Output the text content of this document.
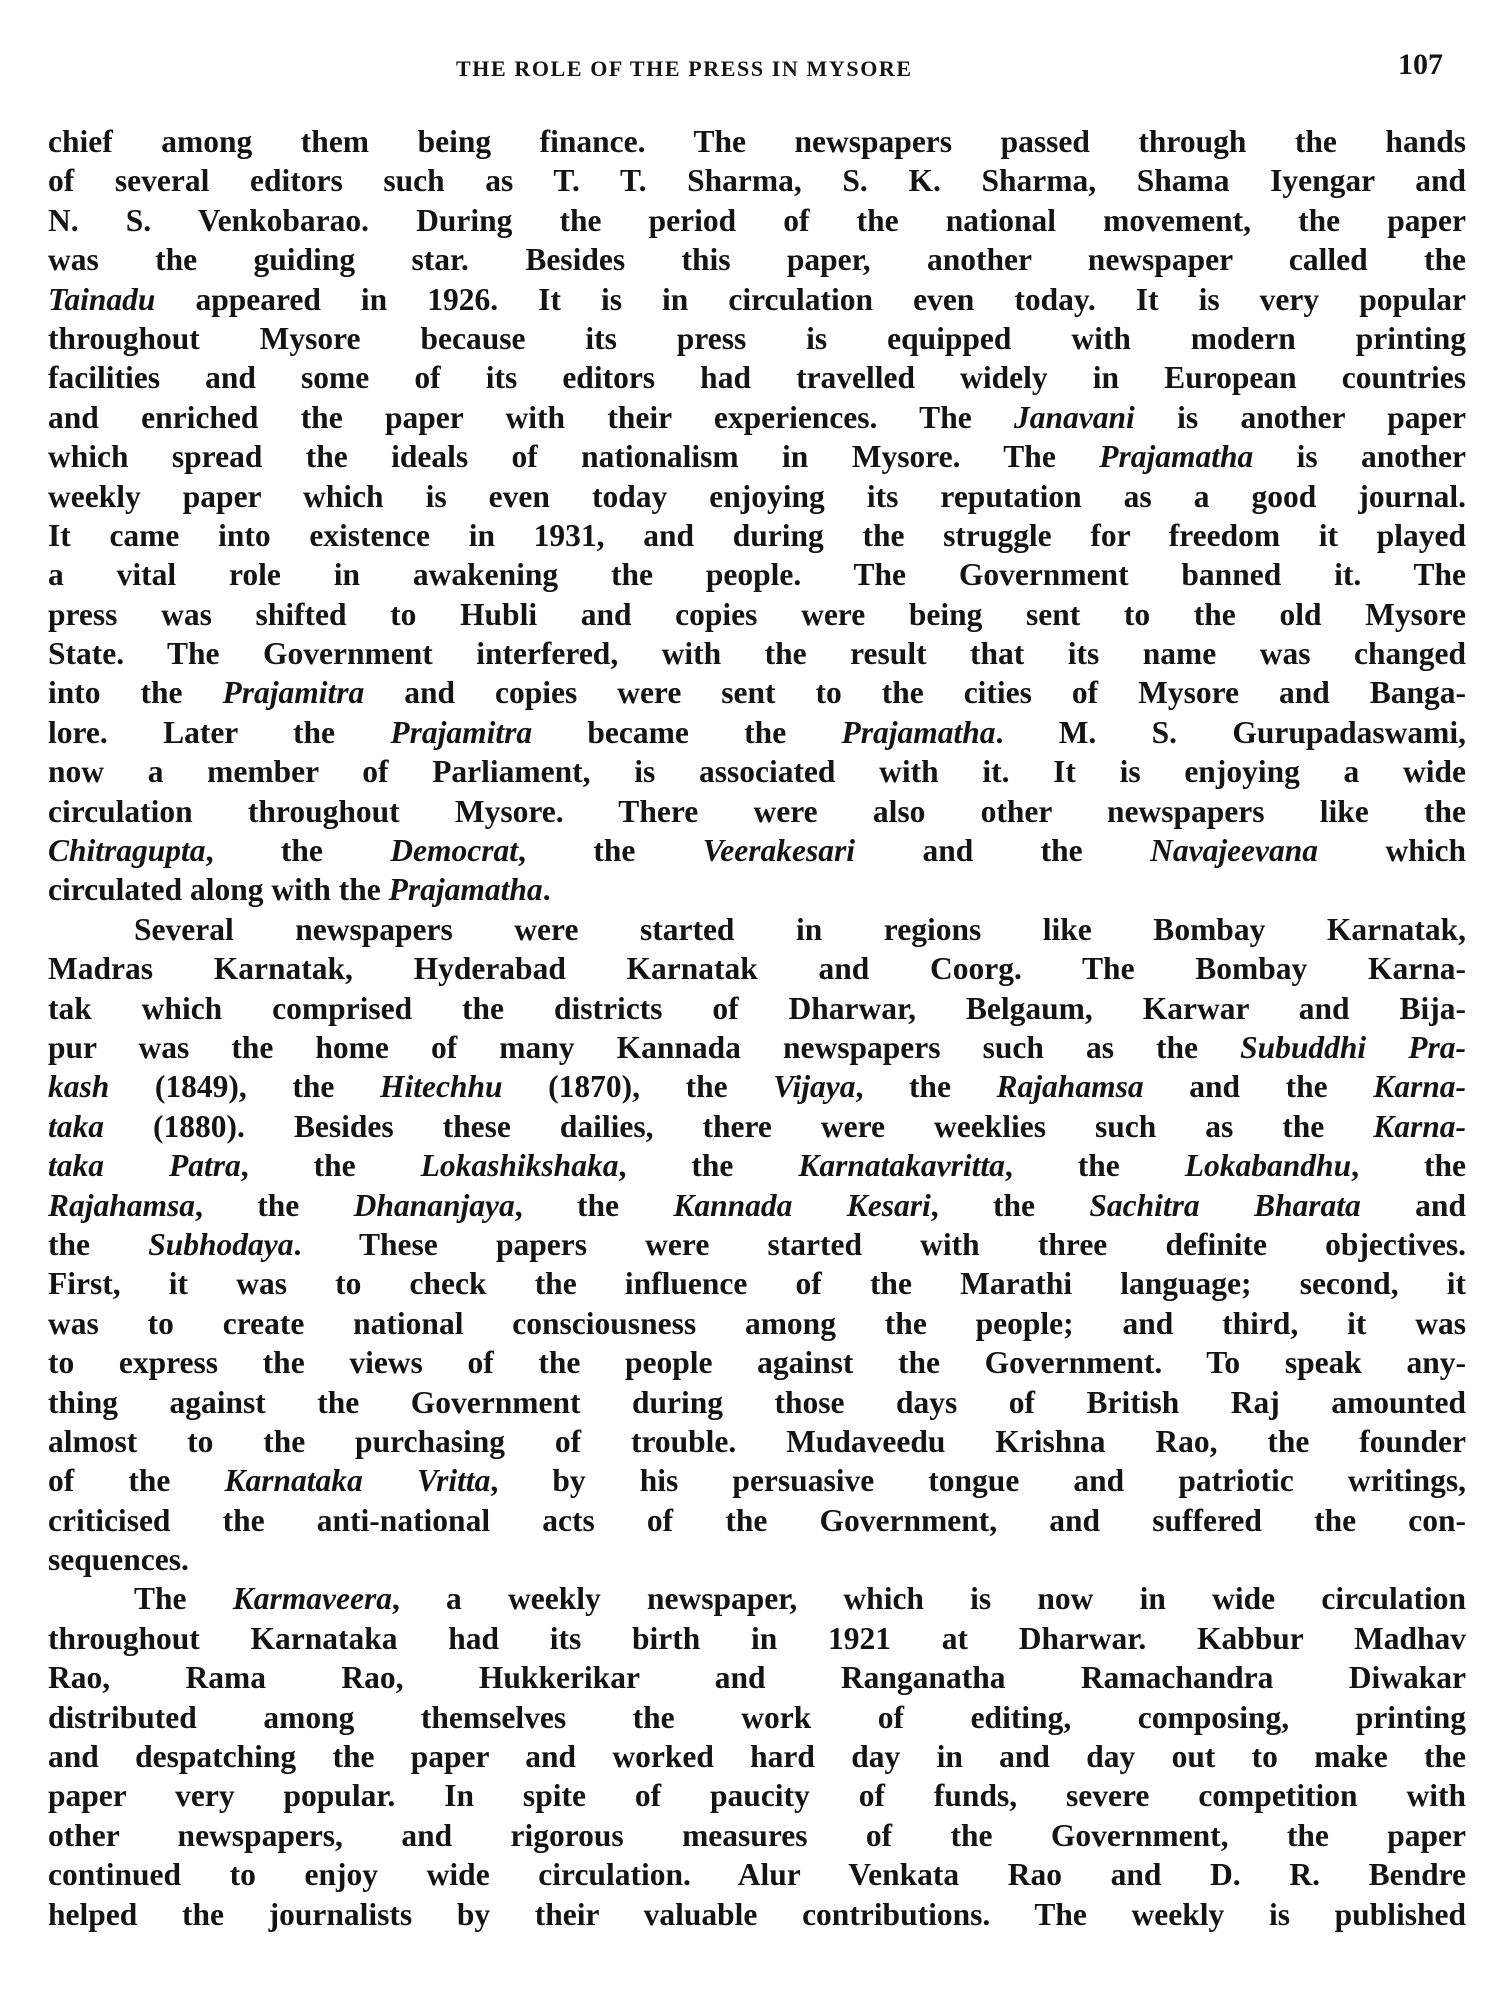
THE ROLE OF THE PRESS IN MYSORE	107
chief among them being finance. The newspapers passed through the hands
of several editors such as T. T. Sharma, S. K. Sharma, Shama Iyengar and
N. S. Venkobarao. During the period of the national movement, the paper
was the guiding star. Besides this paper, another newspaper called the
Tainadu appeared in 1926. It is in circulation even today. It is very popular
throughout Mysore because its press is equipped with modern printing
facilities and some of its editors had travelled widely in European countries
and enriched the paper with their experiences. The Janavani is another paper
which spread the ideals of nationalism in Mysore. The Prajamatha is another
weekly paper which is even today enjoying its reputation as a good journal.
It came into existence in 1931, and during the struggle for freedom it played
a vital role in awakening the people. The Government banned it. The
press was shifted to Hubli and copies were being sent to the old Mysore
State. The Government interfered, with the result that its name was changed
into the Prajamitra and copies were sent to the cities of Mysore and Banga-
lore. Later the Prajamitra became the Prajamatha. M. S. Gurupadaswami,
now a member of Parliament, is associated with it. It is enjoying a wide
circulation throughout Mysore. There were also other newspapers like the
Chitragupta, the Democrat, the Veerakesari and the Navajeevana which
circulated along with the Prajamatha.
Several newspapers were started in regions like Bombay Karnatak,
Madras Karnatak, Hyderabad Karnatak and Coorg. The Bombay Karna-
tak which comprised the districts of Dharwar, Belgaum, Karwar and Bija-
pur was the home of many Kannada newspapers such as the Subuddhi Pra-
kash (1849), the Hitechhu (1870), the Vijaya, the Rajahamsa and the Karna-
taka (1880). Besides these dailies, there were weeklies such as the Karna-
taka Patra, the Lokashikshaka, the Karnatakavritta, the Lokabandhu, the
Rajahamsa, the Dhananjaya, the Kannada Kesari, the Sachitra Bharata and
the Subhodaya. These papers were started with three definite objectives.
First, it was to check the influence of the Marathi language; second, it
was to create national consciousness among the people; and third, it was
to express the views of the people against the Government. To speak any-
thing against the Government during those days of British Raj amounted
almost to the purchasing of trouble. Mudaveedu Krishna Rao, the founder
of the Karnataka Vritta, by his persuasive tongue and patriotic writings,
criticised the anti-national acts of the Government, and suffered the con-
sequences.
The Karmaveera, a weekly newspaper, which is now in wide circulation
throughout Karnataka had its birth in 1921 at Dharwar. Kabbur Madhav
Rao, Rama Rao, Hukkerikar and Ranganatha Ramachandra Diwakar
distributed among themselves the work of editing, composing, printing
and despatching the paper and worked hard day in and day out to make the
paper very popular. In spite of paucity of funds, severe competition with
other newspapers, and rigorous measures of the Government, the paper
continued to enjoy wide circulation. Alur Venkata Rao and D. R. Bendre
helped the journalists by their valuable contributions. The weekly is published
